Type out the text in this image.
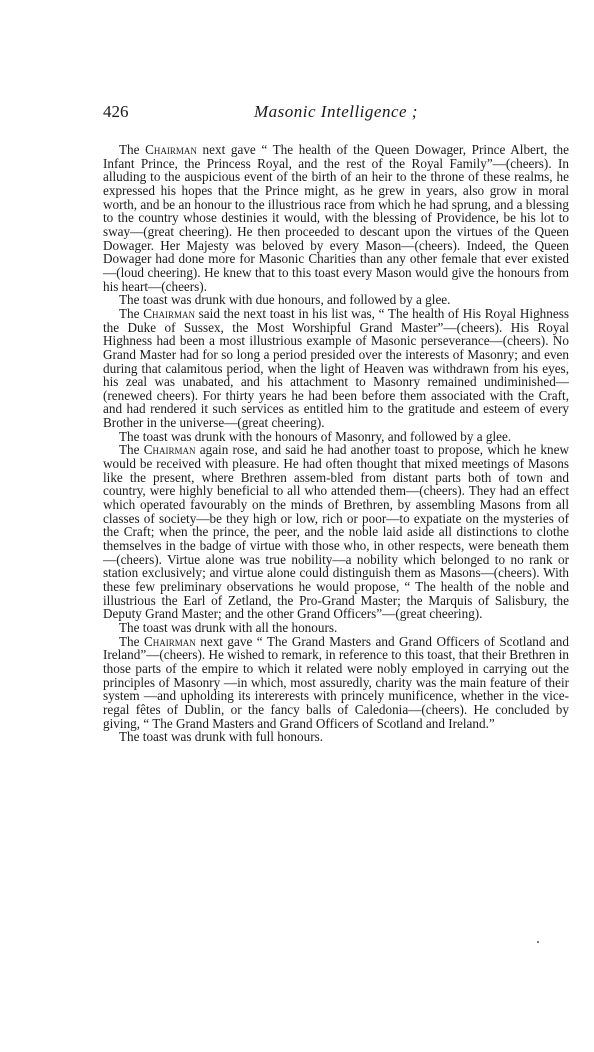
426	Masonic Intelligence ;

The Chairman next gave “ The health of the Queen Dowager, Prince Albert, the Infant Prince, the Princess Royal, and the rest of the Royal Family”—(cheers). In alluding to the auspicious event of the birth of an heir to the throne of these realms, he expressed his hopes that the Prince might, as he grew in years, also grow in moral worth, and be an honour to the illustrious race from which he had sprung, and a blessing to the country whose destinies it would, with the blessing of Providence, be his lot to sway—(great cheering). He then proceeded to descant upon the virtues of the Queen Dowager. Her Majesty was beloved by every Mason—(cheers). Indeed, the Queen Dowager had done more for Masonic Charities than any other female that ever existed —(loud cheering). He knew that to this toast every Mason would give the honours from his heart—(cheers).

The toast was drunk with due honours, and followed by a glee.

The Chairman said the next toast in his list was, “ The health of His Royal Highness the Duke of Sussex, the Most Worshipful Grand Master”—(cheers). His Royal Highness had been a most illustrious example of Masonic perseverance—(cheers). No Grand Master had for so long a period presided over the interests of Masonry; and even during that calamitous period, when the light of Heaven was withdrawn from his eyes, his zeal was unabated, and his attachment to Masonry remained undiminished—(renewed cheers). For thirty years he had been before them associated with the Craft, and had rendered it such services as entitled him to the gratitude and esteem of every Brother in the universe—(great cheering).

The toast was drunk with the honours of Masonry, and followed by a glee.

The Chairman again rose, and said he had another toast to propose, which he knew would be received with pleasure. He had often thought that mixed meetings of Masons like the present, where Brethren assem-bled from distant parts both of town and country, were highly beneficial to all who attended them—(cheers). They had an effect which operated favourably on the minds of Brethren, by assembling Masons from all classes of society—be they high or low, rich or poor—to expatiate on the mysteries of the Craft; when the prince, the peer, and the noble laid aside all distinctions to clothe themselves in the badge of virtue with those who, in other respects, were beneath them—(cheers). Virtue alone was true nobility—a nobility which belonged to no rank or station exclusively; and virtue alone could distinguish them as Masons—(cheers). With these few preliminary observations he would propose, “ The health of the noble and illustrious the Earl of Zetland, the Pro-Grand Master; the Marquis of Salisbury, the Deputy Grand Master; and the other Grand Officers”—(great cheering).

The toast was drunk with all the honours.

The Chairman next gave “ The Grand Masters and Grand Officers of Scotland and Ireland”—(cheers). He wished to remark, in reference to this toast, that their Brethren in those parts of the empire to which it related were nobly employed in carrying out the principles of Masonry —in which, most assuredly, charity was the main feature of their system —and upholding its intererests with princely munificence, whether in the vice-regal fêtes of Dublin, or the fancy balls of Caledonia—(cheers). He concluded by giving, “ The Grand Masters and Grand Officers of Scotland and Ireland.”

The toast was drunk with full honours.
